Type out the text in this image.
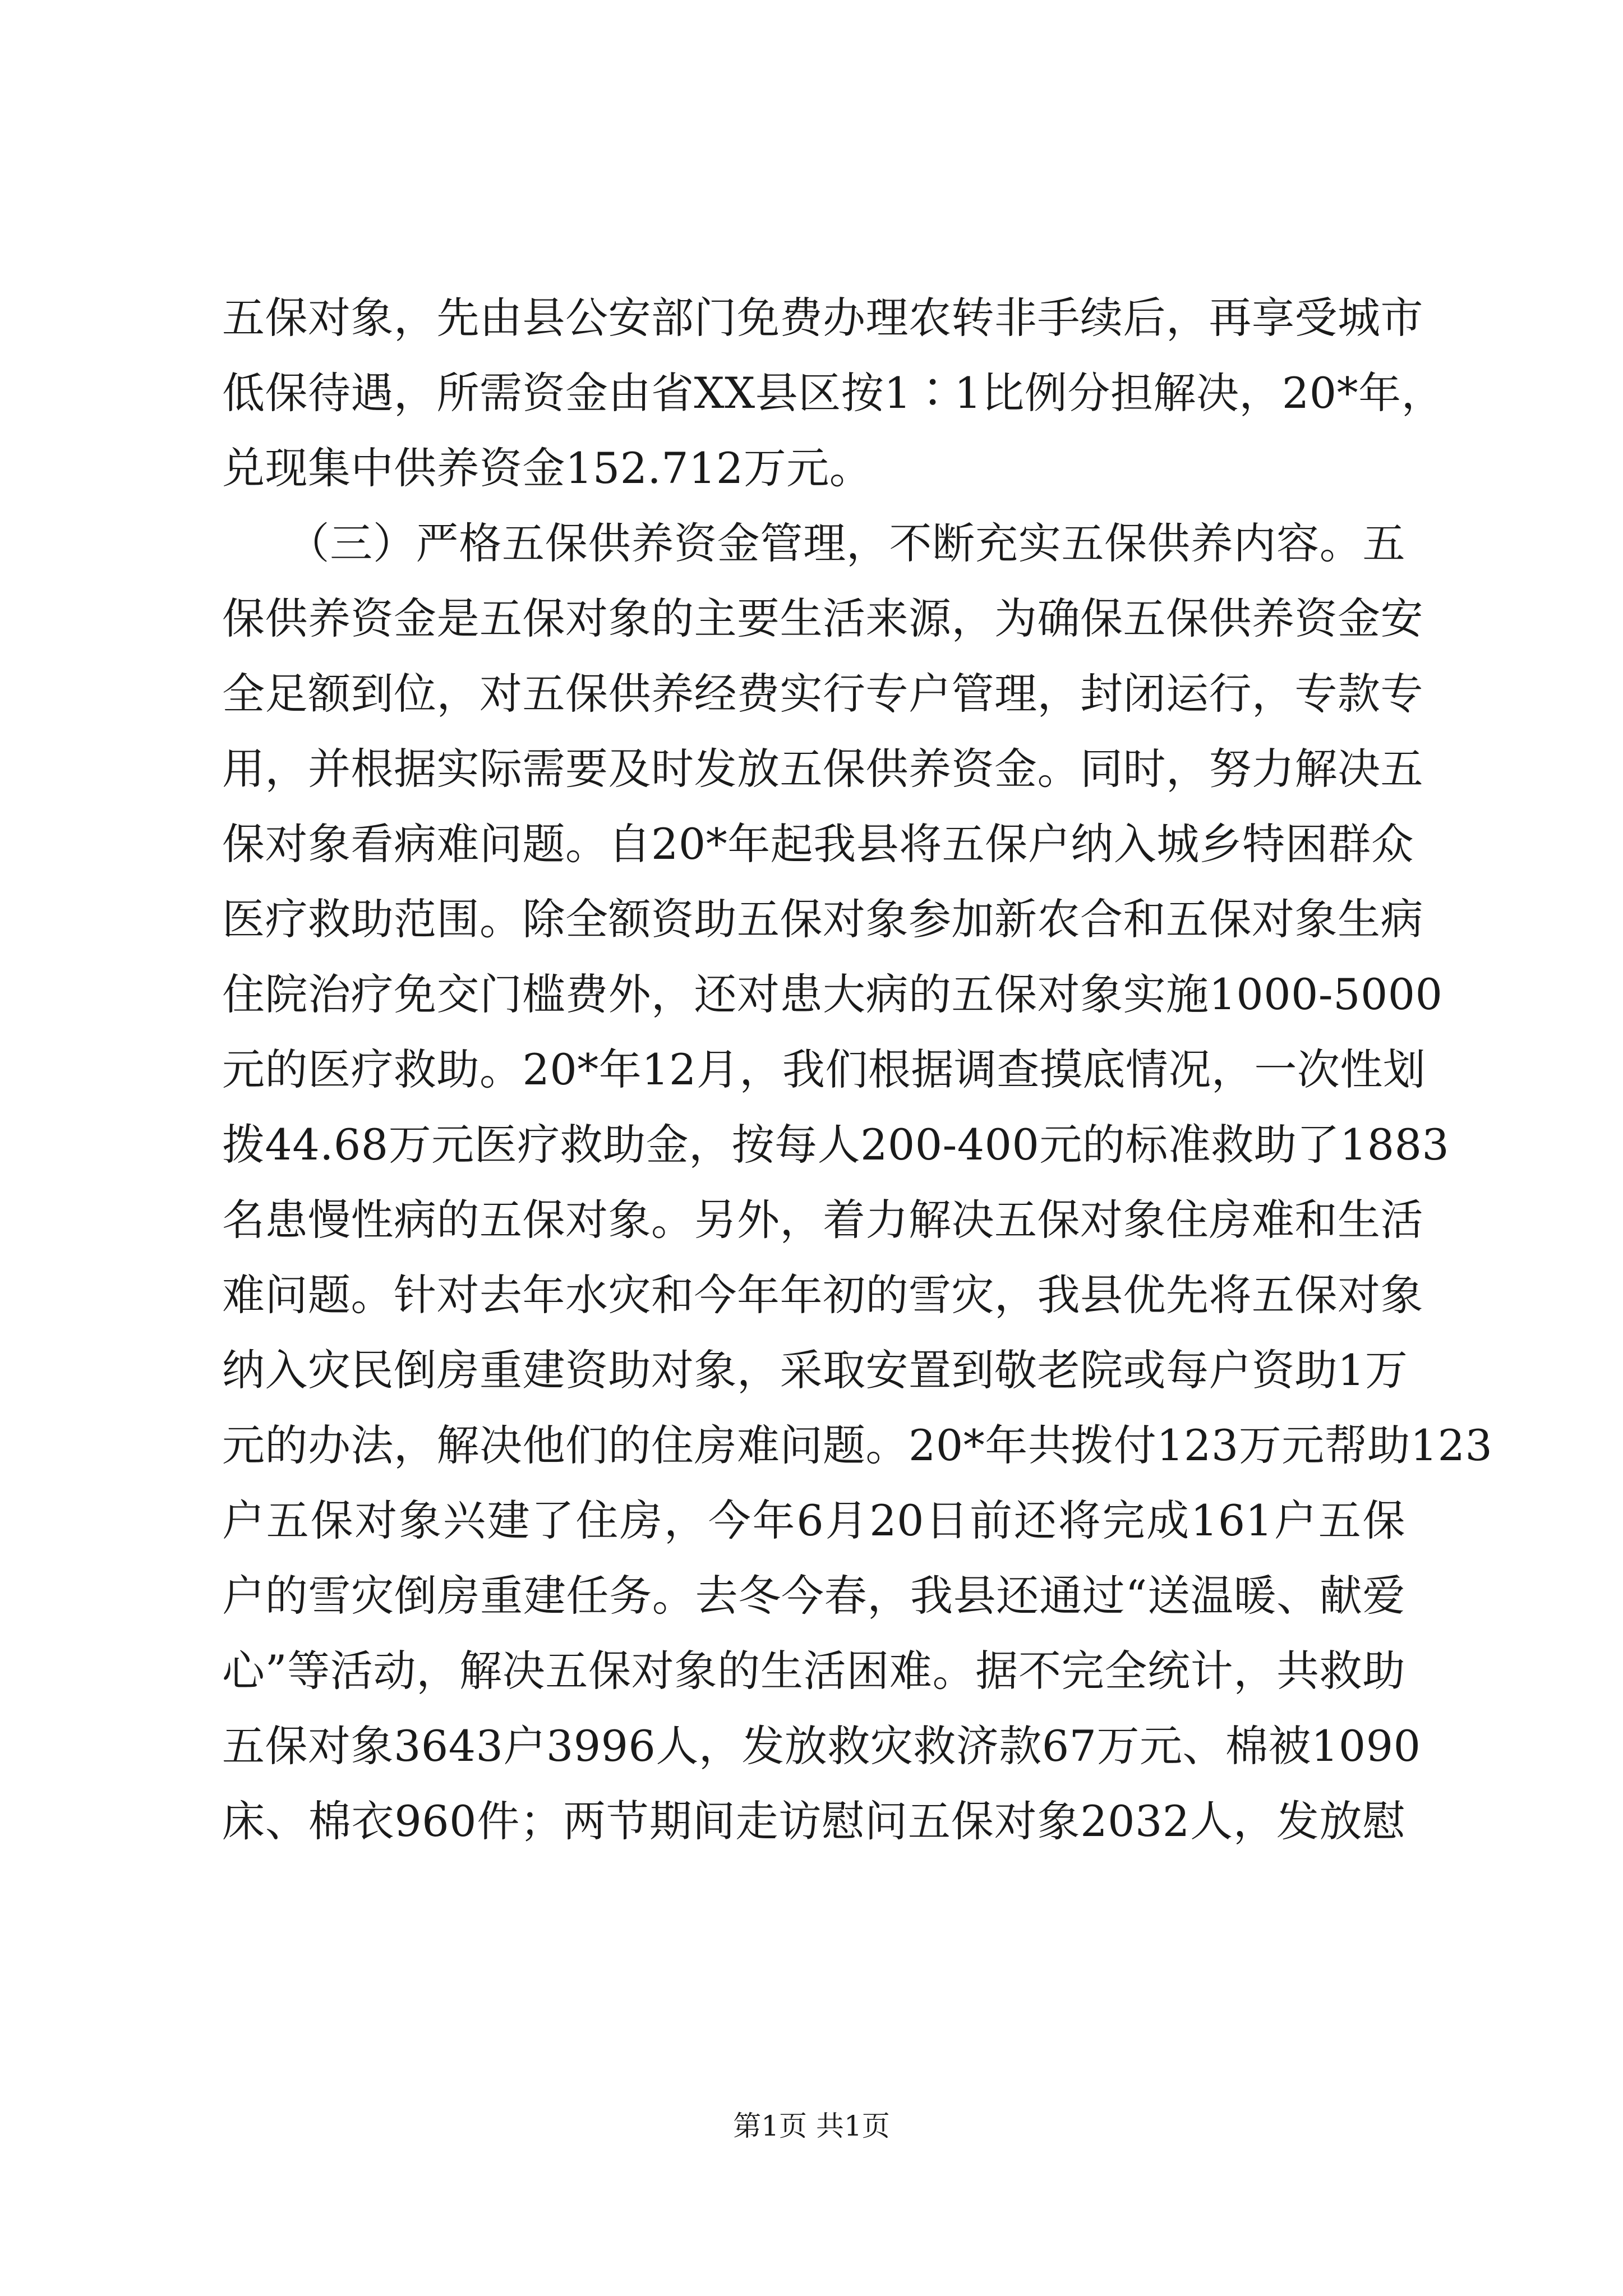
五保对象，先由县公安部门免费办理农转非手续后，再享受城市
低保待遇，所需资金由省XX县区按1∶1比例分担解决，20*年，
兑现集中供养资金152.712万元。
　　（三）严格五保供养资金管理，不断充实五保供养内容。五
保供养资金是五保对象的主要生活来源，为确保五保供养资金安
全足额到位，对五保供养经费实行专户管理，封闭运行，专款专
用，并根据实际需要及时发放五保供养资金。同时，努力解决五
保对象看病难问题。自20*年起我县将五保户纳入城乡特困群众
医疗救助范围。除全额资助五保对象参加新农合和五保对象生病
住院治疗免交门槛费外，还对患大病的五保对象实施1000-5000
元的医疗救助。20*年12月，我们根据调查摸底情况，一次性划
拨44.68万元医疗救助金，按每人200-400元的标准救助了1883
名患慢性病的五保对象。另外，着力解决五保对象住房难和生活
难问题。针对去年水灾和今年年初的雪灾，我县优先将五保对象
纳入灾民倒房重建资助对象，采取安置到敬老院或每户资助1万
元的办法，解决他们的住房难问题。20*年共拨付123万元帮助123
户五保对象兴建了住房，今年6月20日前还将完成161户五保
户的雪灾倒房重建任务。去冬今春，我县还通过“送温暖、献爱
心”等活动，解决五保对象的生活困难。据不完全统计，共救助
五保对象3643户3996人，发放救灾救济款67万元、棉被1090
床、棉衣960件；两节期间走访慰问五保对象2032人，发放慰
第1页 共1页
